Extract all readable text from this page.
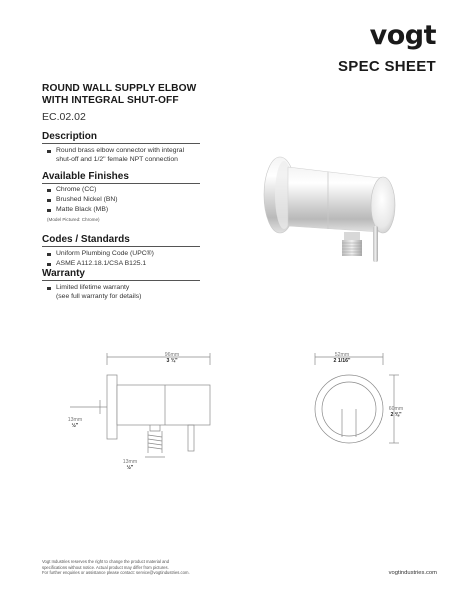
vogt
SPEC SHEET
ROUND WALL SUPPLY ELBOW
WITH INTEGRAL SHUT-OFF
EC.02.02
Description
Round brass elbow connector with integral
shut-off and 1/2" female NPT connection
Available Finishes
Chrome (CC)
Brushed Nickel (BN)
Matte Black (MB)
(Model Pictured: Chrome)
Codes / Standards
Uniform Plumbing Code (UPC®)
ASME A112.18.1/CSA B125.1
Warranty
Limited lifetime warranty
(see full warranty for details)
96mm
3 ¾"
13mm
½"
13mm
½"
52mm
2 1/16"
60mm
2 ⅜"
Vogt Industries reserves the right to change the product material and
specifications without notice. Actual product may differ from pictures.
For further enquiries or assistance please contact: service@vogtindustries.com.	vogtindustries.com
